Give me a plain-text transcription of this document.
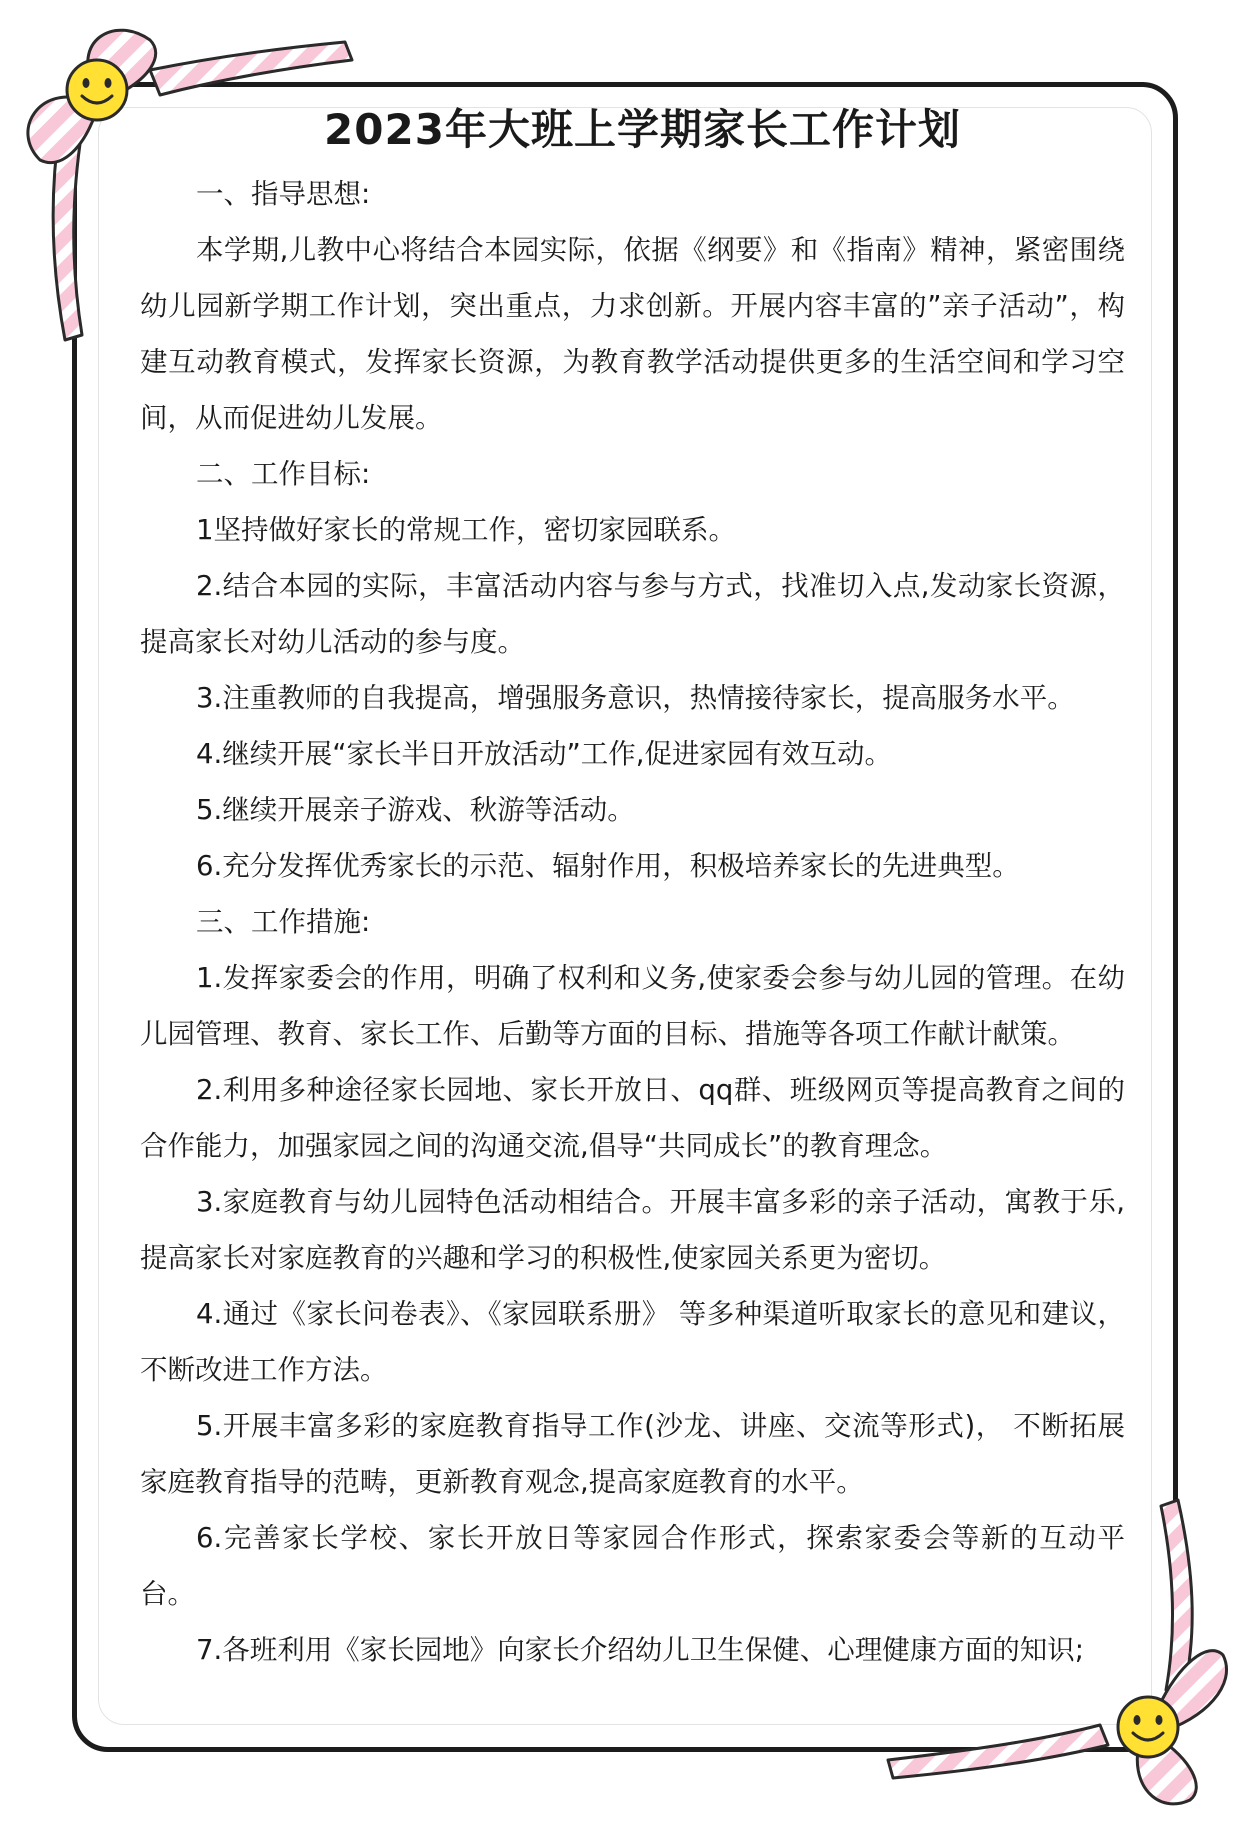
2023年大班上学期家长工作计划

一、指导思想:

本学期,儿教中心将结合本园实际，依据《纲要》和《指南》精神，紧密围绕幼儿园新学期工作计划，突出重点，力求创新。开展内容丰富的”亲子活动”，构建互动教育模式，发挥家长资源，为教育教学活动提供更多的生活空间和学习空间，从而促进幼儿发展。

二、工作目标:

1坚持做好家长的常规工作，密切家园联系。

2.结合本园的实际，丰富活动内容与参与方式，找准切入点,发动家长资源，提高家长对幼儿活动的参与度。

3.注重教师的自我提高，增强服务意识，热情接待家长，提高服务水平。

4.继续开展“家长半日开放活动”工作,促进家园有效互动。

5.继续开展亲子游戏、秋游等活动。

6.充分发挥优秀家长的示范、辐射作用，积极培养家长的先进典型。

三、工作措施:

1.发挥家委会的作用，明确了权利和义务,使家委会参与幼儿园的管理。在幼儿园管理、教育、家长工作、后勤等方面的目标、措施等各项工作献计献策。

2.利用多种途径家长园地、家长开放日、qq群、班级网页等提高教育之间的合作能力，加强家园之间的沟通交流,倡导“共同成长”的教育理念。

3.家庭教育与幼儿园特色活动相结合。开展丰富多彩的亲子活动，寓教于乐,提高家长对家庭教育的兴趣和学习的积极性,使家园关系更为密切。

4.通过《家长问卷表》、《家园联系册》 等多种渠道听取家长的意见和建议，不断改进工作方法。

5.开展丰富多彩的家庭教育指导工作(沙龙、讲座、交流等形式)， 不断拓展家庭教育指导的范畴，更新教育观念,提高家庭教育的水平。

6.完善家长学校、家长开放日等家园合作形式，探索家委会等新的互动平台。

7.各班利用《家长园地》向家长介绍幼儿卫生保健、心理健康方面的知识;
